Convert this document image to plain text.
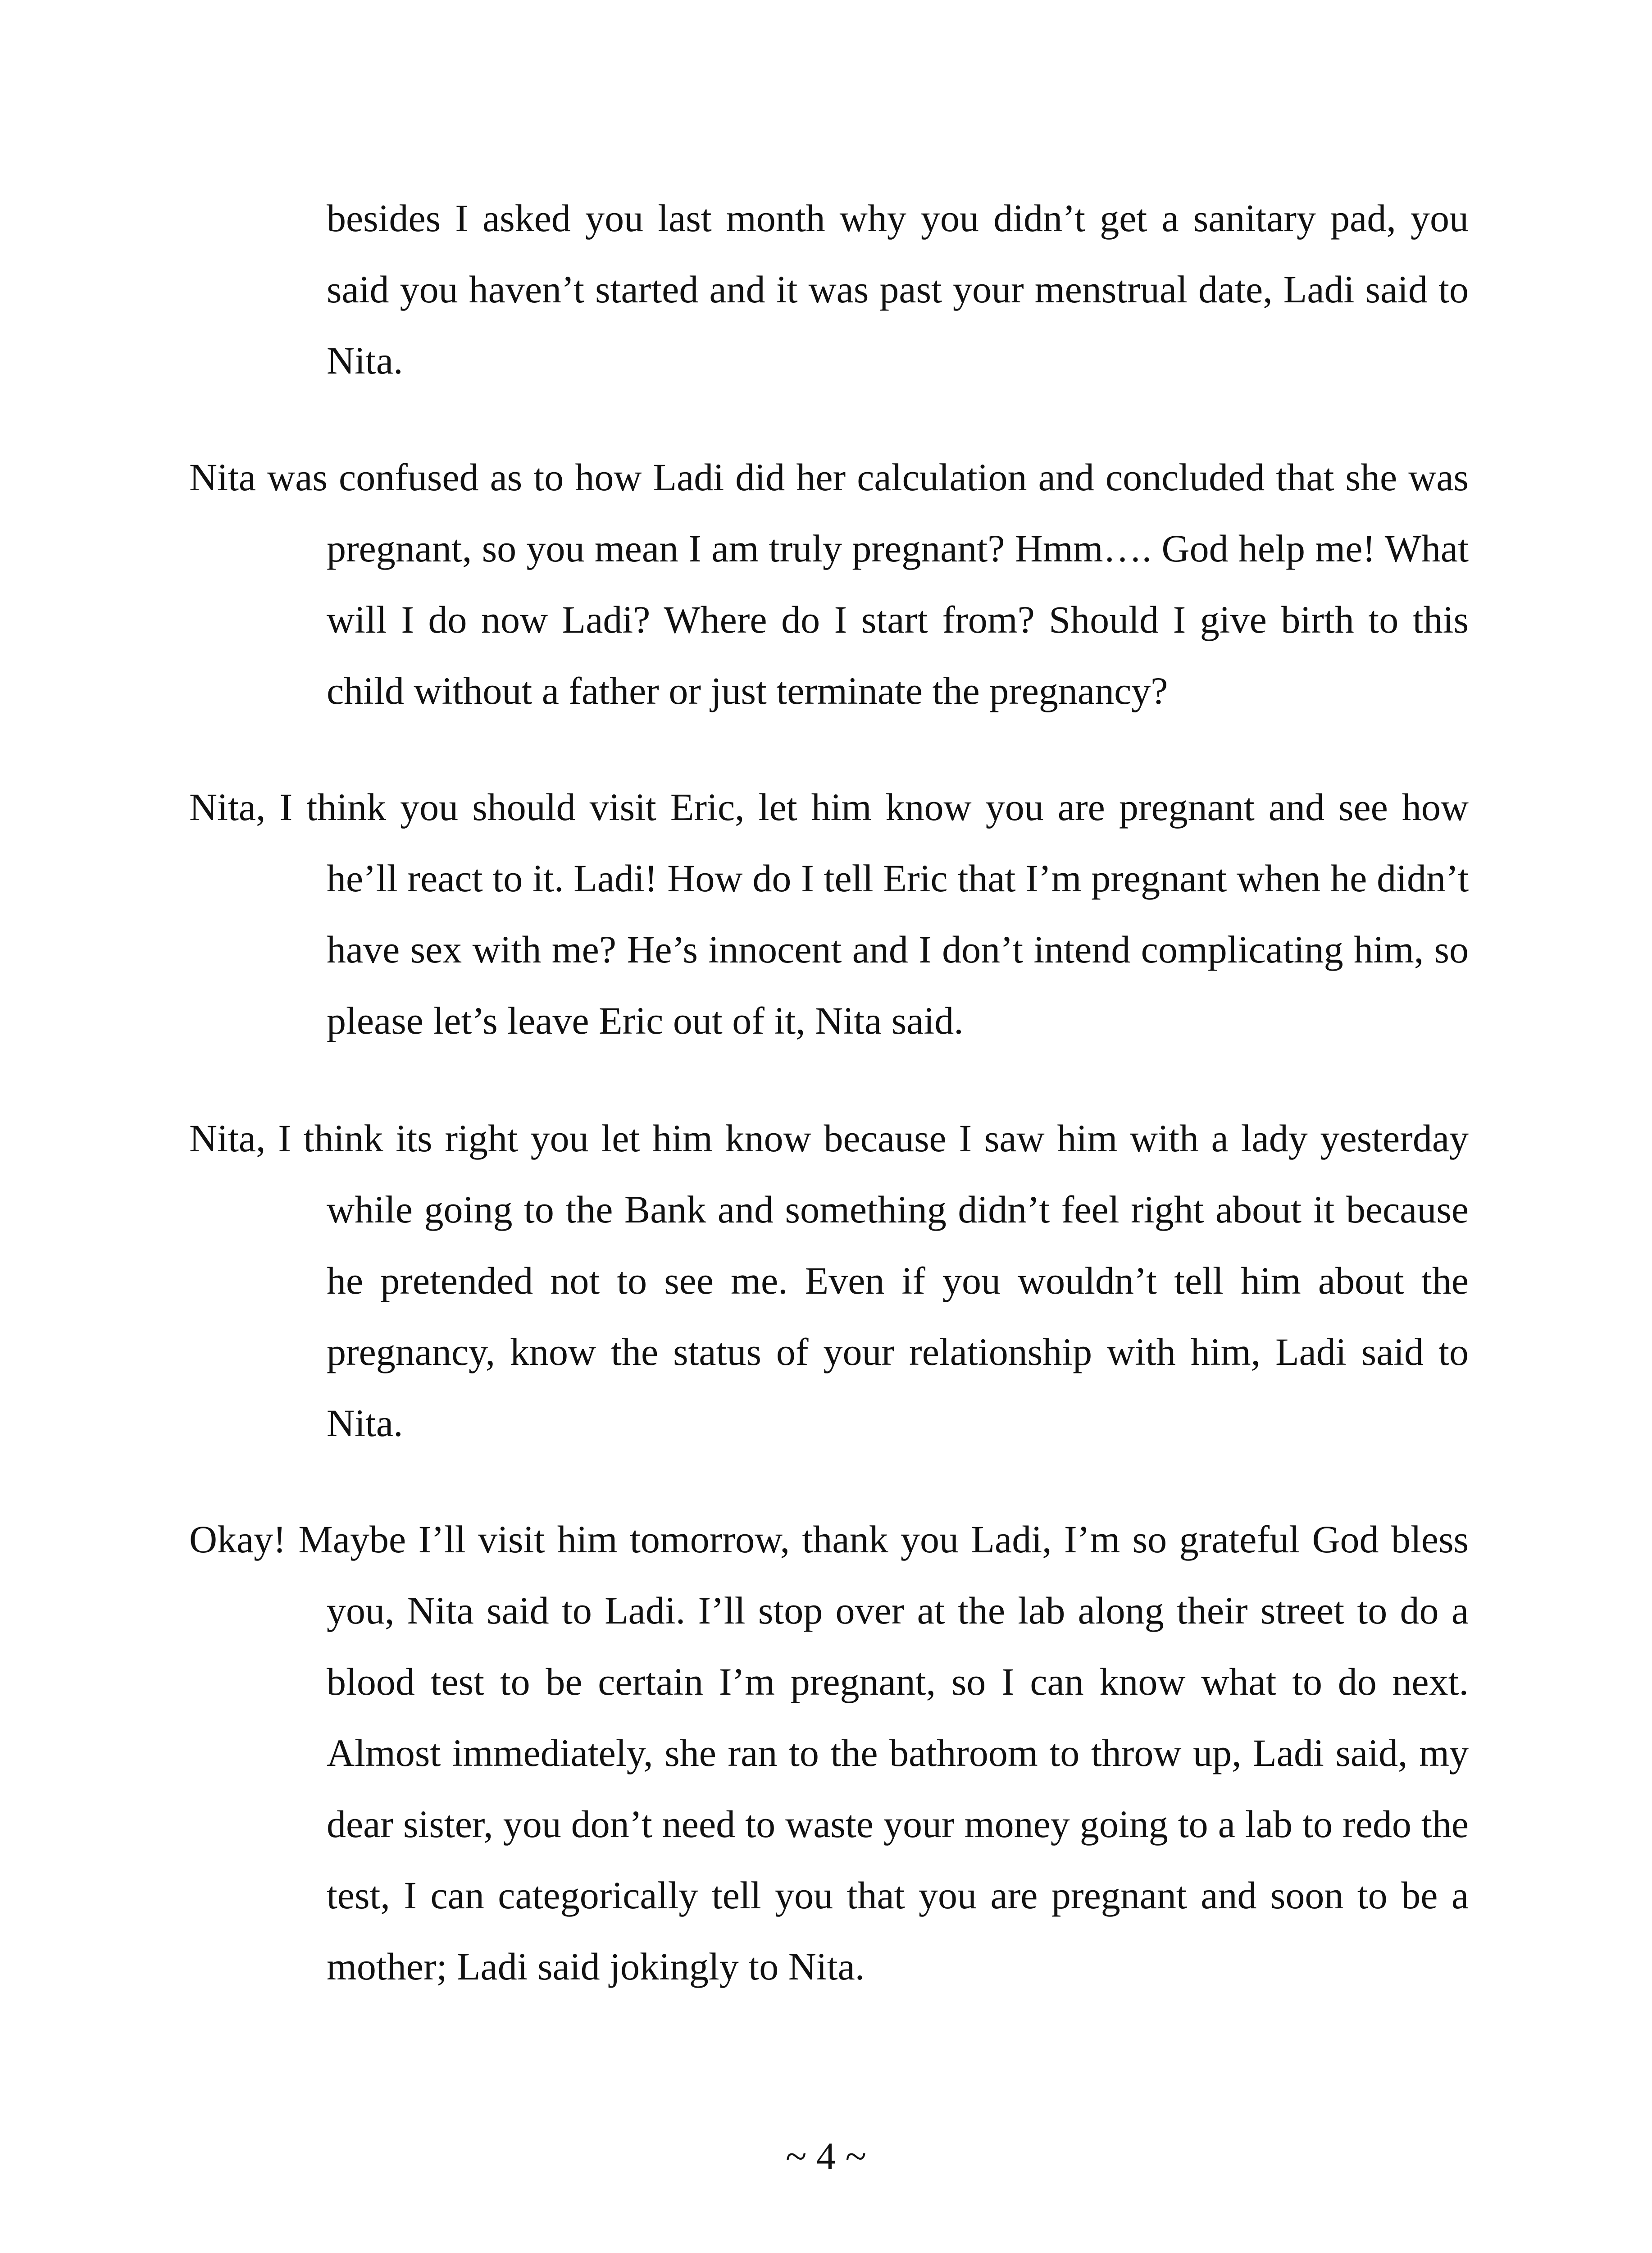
besides I asked you last month why you didn’t get a sanitary pad, you said you haven’t started and it was past your menstrual date, Ladi said to Nita.

Nita was confused as to how Ladi did her calculation and concluded that she was pregnant, so you mean I am truly pregnant? Hmm…. God help me! What will I do now Ladi? Where do I start from? Should I give birth to this child without a father or just terminate the pregnancy?

Nita, I think you should visit Eric, let him know you are pregnant and see how he’ll react to it. Ladi! How do I tell Eric that I’m pregnant when he didn’t have sex with me? He’s innocent and I don’t intend complicating him, so please let’s leave Eric out of it, Nita said.

Nita, I think its right you let him know because I saw him with a lady yesterday while going to the Bank and something didn’t feel right about it because he pretended not to see me. Even if you wouldn’t tell him about the pregnancy, know the status of your relationship with him, Ladi said to Nita.

Okay! Maybe I’ll visit him tomorrow, thank you Ladi, I’m so grateful God bless you, Nita said to Ladi. I’ll stop over at the lab along their street to do a blood test to be certain I’m pregnant, so I can know what to do next. Almost immediately, she ran to the bathroom to throw up, Ladi said, my dear sister, you don’t need to waste your money going to a lab to redo the test, I can categorically tell you that you are pregnant and soon to be a mother; Ladi said jokingly to Nita.

~ 4 ~
